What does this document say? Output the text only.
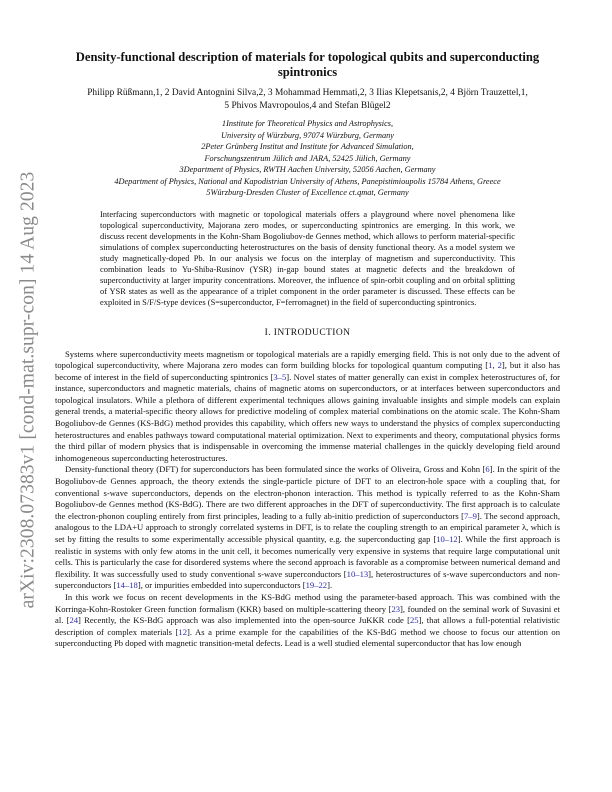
arXiv:2308.07383v1 [cond-mat.supr-con] 14 Aug 2023
Density-functional description of materials for topological qubits and superconducting spintronics
Philipp Rüßmann,1, 2 David Antognini Silva,2, 3 Mohammad Hemmati,2, 3 Ilias Klepetsanis,2, 4 Björn Trauzettel,1, 5 Phivos Mavropoulos,4 and Stefan Blügel2
1Institute for Theoretical Physics and Astrophysics,
University of Würzburg, 97074 Würzburg, Germany
2Peter Grünberg Institut and Institute for Advanced Simulation,
Forschungszentrum Jülich and JARA, 52425 Jülich, Germany
3Department of Physics, RWTH Aachen University, 52056 Aachen, Germany
4Department of Physics, National and Kapodistrian University of Athens, Panepistimioupolis 15784 Athens, Greece
5Würzburg-Dresden Cluster of Excellence ct.qmat, Germany
Interfacing superconductors with magnetic or topological materials offers a playground where novel phenomena like topological superconductivity, Majorana zero modes, or superconducting spintronics are emerging. In this work, we discuss recent developments in the Kohn-Sham Bogoliubov-de Gennes method, which allows to perform material-specific simulations of complex superconducting heterostructures on the basis of density functional theory. As a model system we study magnetically-doped Pb. In our analysis we focus on the interplay of magnetism and superconductivity. This combination leads to Yu-Shiba-Rusinov (YSR) in-gap bound states at magnetic defects and the breakdown of superconductivity at larger impurity concentrations. Moreover, the influence of spin-orbit coupling and on orbital splitting of YSR states as well as the appearance of a triplet component in the order parameter is discussed. These effects can be exploited in S/F/S-type devices (S=superconductor, F=ferromagnet) in the field of superconducting spintronics.
I. INTRODUCTION

Systems where superconductivity meets magnetism or topological materials are a rapidly emerging field. This is not only due to the advent of topological superconductivity, where Majorana zero modes can form building blocks for topological quantum computing [1, 2], but it also has become of interest in the field of superconducting spintronics [3–5]. Novel states of matter generally can exist in complex heterostructures of, for instance, superconductors and magnetic materials, chains of magnetic atoms on superconductors, or at interfaces between superconductors and topological insulators. While a plethora of different experimental techniques allows gaining invaluable insights and simple models can explain general trends, a material-specific theory allows for predictive modeling of complex material combinations on the atomic scale. The Kohn-Sham Bogoliubov-de Gennes (KS-BdG) method provides this capability, which offers new ways to understand the physics of complex superconducting heterostructures and enables pathways toward computational material optimization. Next to experiments and theory, computational physics forms the third pillar of modern physics that is indispensable in overcoming the immense material challenges in the quickly developing field around inhomogeneous superconducting heterostructures.

Density-functional theory (DFT) for superconductors has been formulated since the works of Oliveira, Gross and Kohn [6]. In the spirit of the Bogoliubov-de Gennes approach, the theory extends the single-particle picture of DFT to an electron-hole space with a coupling that, for conventional s-wave superconductors, depends on the electron-phonon interaction. This method is typically referred to as the Kohn-Sham Bogoliubov-de Gennes method (KS-BdG). There are two different approaches in the DFT of superconductivity. The first approach is to calculate the electron-phonon coupling entirely from first principles, leading to a fully ab-initio prediction of superconductors [7–9]. The second approach, analogous to the LDA+U approach to strongly correlated systems in DFT, is to relate the coupling strength to an empirical parameter λ, which is set by fitting the results to some experimentally accessible physical quantity, e.g. the superconducting gap [10–12]. While the first approach is realistic in systems with only few atoms in the unit cell, it becomes numerically very expensive in systems that require large computational unit cells. This is particularly the case for disordered systems where the second approach is favorable as a compromise between numerical demand and flexibility. It was successfully used to study conventional s-wave superconductors [10–13], heterostructures of s-wave superconductors and non-superconductors [14–18], or impurities embedded into superconductors [19–22].

In this work we focus on recent developments in the KS-BdG method using the parameter-based approach. This was combined with the Korringa-Kohn-Rostoker Green function formalism (KKR) based on multiple-scattering theory [23], founded on the seminal work of Suvasini et al. [24] Recently, the KS-BdG approach was also implemented into the open-source JuKKR code [25], that allows a full-potential relativistic description of complex materials [12]. As a prime example for the capabilities of the KS-BdG method we choose to focus our attention on superconducting Pb doped with magnetic transition-metal defects. Lead is a well studied elemental superconductor that has low enough
